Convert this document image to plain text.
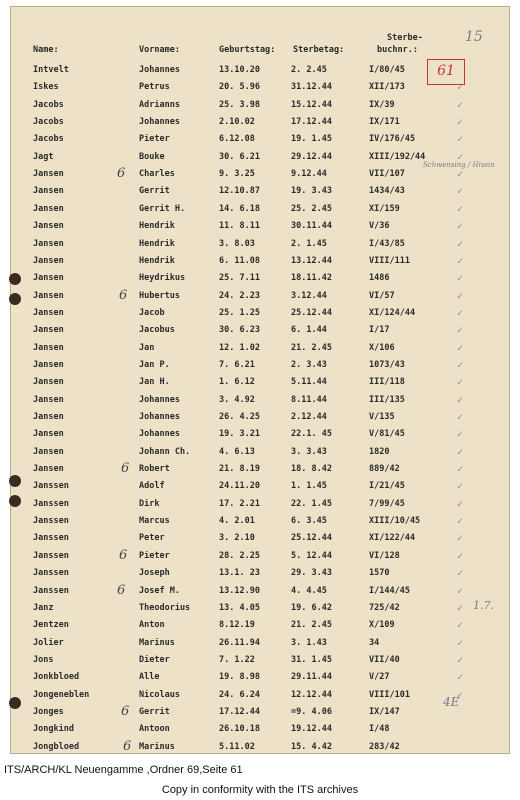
Name:	Vorname:	Geburtstag: Sterbetag:
Sterbe-
buchnr.:
15
61
Schwensing / Hissin
1.7.
4E
Intvelt	Johannes	13.10.20	2. 2.45	I/80/45
Iskes	Petrus	20. 5.96	31.12.44	XII/173	✓
Jacobs	Adrianns	25. 3.98	15.12.44	IX/39	✓
Jacobs	Johannes	2.10.02	17.12.44	IX/171	✓
Jacobs	Pieter	6.12.08	19. 1.45	IV/176/45	✓
Jagt	Bouke	30. 6.21	29.12.44	XIII/192/44	✓
Jansen	Charles	9. 3.25	9.12.44	VII/107	✓
Jansen	Gerrit	12.10.87	19. 3.43	1434/43	✓
Jansen	Gerrit H.	14. 6.18	25. 2.45	XI/159	✓
Jansen	Hendrik	11. 8.11	30.11.44	V/36	✓
Jansen	Hendrik	3. 8.03	2. 1.45	I/43/85	✓
Jansen	Hendrik	6. 11.08	13.12.44	VIII/111	✓
Jansen	Heydrikus	25. 7.11	18.11.42	1486	✓
Jansen	Hubertus	24. 2.23	3.12.44	VI/57	✓
Jansen	Jacob	25. 1.25	25.12.44	XI/124/44	✓
Jansen	Jacobus	30. 6.23	6. 1.44	I/17	✓
Jansen	Jan	12. 1.02	21. 2.45	X/106	✓
Jansen	Jan P.	7. 6.21	2. 3.43	1073/43	✓
Jansen	Jan H.	1. 6.12	5.11.44	III/118	✓
Jansen	Johannes	3. 4.92	8.11.44	III/135	✓
Jansen	Johannes	26. 4.25	2.12.44	V/135	✓
Jansen	Johannes	19. 3.21	22.1. 45	V/81/45	✓
Jansen	Johann Ch.	4. 6.13	3. 3.43	1820	✓
Jansen	Robert	21. 8.19	18. 8.42	889/42	✓
Janssen	Adolf	24.11.20	1. 1.45	I/21/45	✓
Janssen	Dirk	17. 2.21	22. 1.45	7/99/45	✓
Janssen	Marcus	4. 2.01	6. 3.45	XIII/10/45	✓
Janssen	Peter	3. 2.10	25.12.44	XI/122/44	✓
Janssen	Pieter	28. 2.25	5. 12.44	VI/128	✓
Janssen	Joseph	13.1. 23	29. 3.43	1570	✓
Janssen	Josef M.	13.12.90	4. 4.45	I/144/45	✓
Janz	Theodorius	13. 4.05	19. 6.42	725/42	✓
Jentzen	Anton	8.12.19	21. 2.45	X/109	✓
Jolier	Marinus	26.11.94	3. 1.43	34	✓
Jons	Dieter	7. 1.22	31. 1.45	VII/40	✓
Jonkbloed	Alle	19. 8.98	29.11.44	V/27	✓
Jongeneblen	Nicolaus	24. 6.24	12.12.44	VIII/101	✓
Jonges	Gerrit	17.12.44	=9. 4.06	IX/147
Jongkind	Antoon	26.10.18	19.12.44	I/48
Jongbloed	Marinus	5.11.02	15. 4.42	283/42
6
6
6
6
6
6
6
ITS/ARCH/KL Neuengamme ,Ordner 69,Seite 61
Copy in conformity with the ITS archives
